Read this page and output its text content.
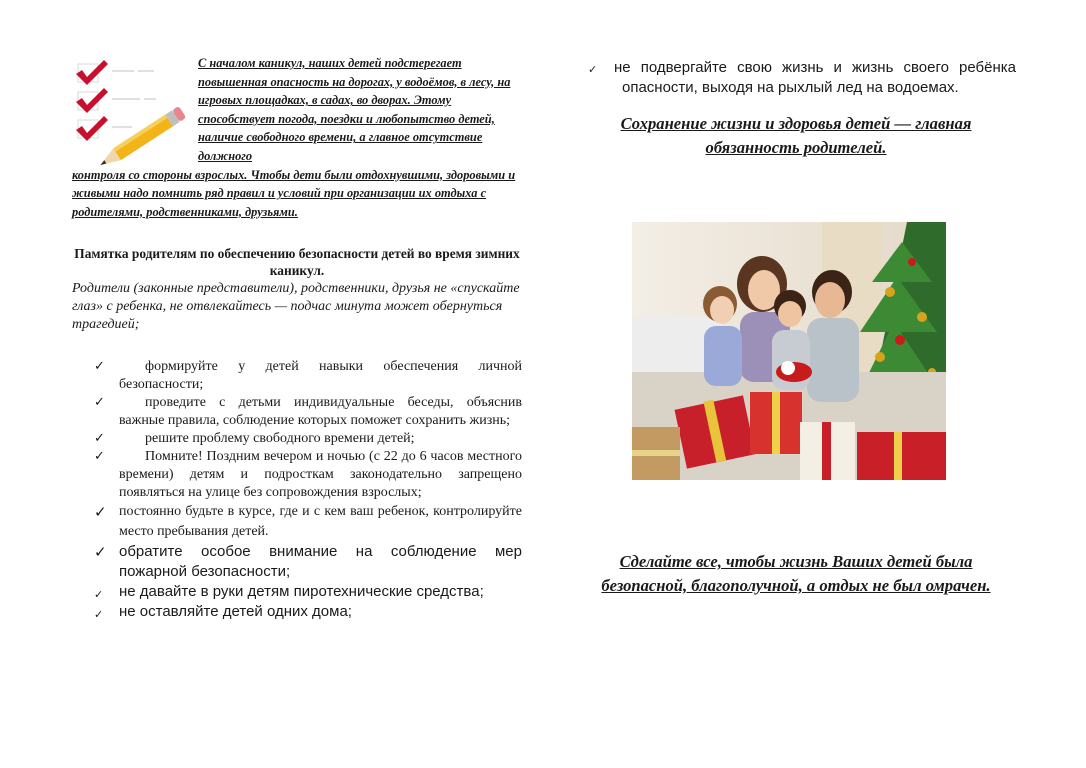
С началом каникул, наших детей подстерегает повышенная опасность на дорогах, у водоёмов, в лесу, на игровых площадках, в садах, во дворах. Этому способствует погода, поездки и любопытство детей, наличие свободного времени, а главное отсутствие должного
контроля со стороны взрослых. Чтобы дети были отдохнувшими, здоровыми и живыми надо помнить ряд правил и условий при организации их отдыха с родителями, родственниками, друзьями.

Памятка родителям по обеспечению безопасности детей во время зимних каникул.

Родители (законные представители), родственники, друзья не «спускайте глаз» с ребенка, не отвлекайтесь — подчас минута может обернуться трагедией;

✓	формируйте у детей навыки обеспечения личной безопасности;
✓	проведите с детьми индивидуальные беседы, объяснив важные правила, соблюдение которых поможет сохранить жизнь;
✓	решите проблему свободного времени детей;
✓	Помните! Поздним вечером и ночью (с 22 до 6 часов местного времени) детям и подросткам законодательно запрещено появляться на улице без сопровождения взрослых;
✓ постоянно будьте в курсе, где и с кем ваш ребенок, контролируйте место пребывания детей.
✓ обратите особое внимание на соблюдение мер пожарной безопасности;
✓ не давайте в руки детям пиротехнические средства;
✓ не оставляйте детей одних дома;
✓ не подвергайте свою жизнь и жизнь своего ребёнка
опасности, выходя на рыхлый лед на водоемах.

Сохранение жизни и здоровья детей — главная обязанность родителей.

Сделайте все, чтобы жизнь Ваших детей была безопасной, благополучной, а отдых не был омрачен.
